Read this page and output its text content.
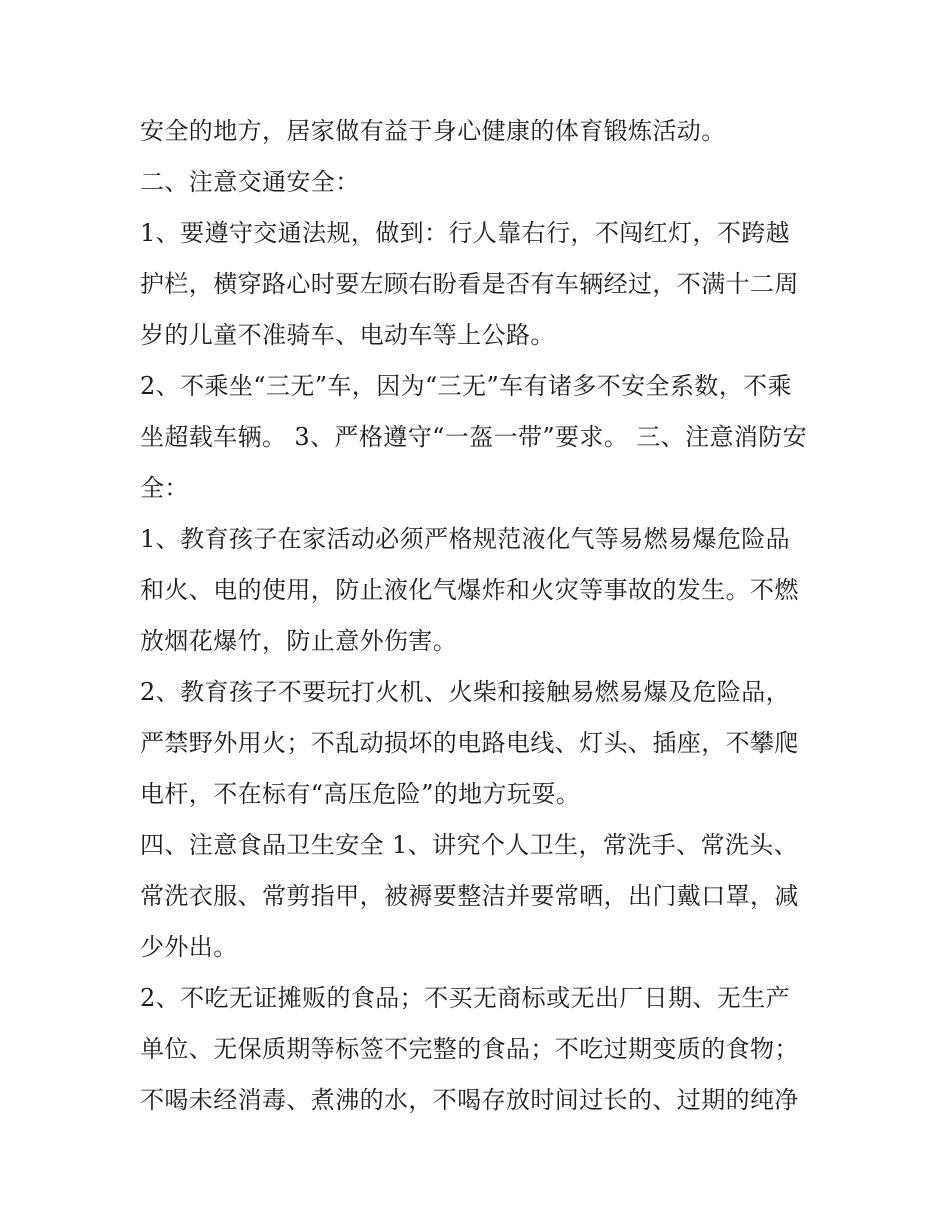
安全的地方，居家做有益于身心健康的体育锻炼活动。
二、注意交通安全：
1、要遵守交通法规，做到：行人靠右行，不闯红灯，不跨越
护栏，横穿路心时要左顾右盼看是否有车辆经过，不满十二周
岁的儿童不准骑车、电动车等上公路。
2、不乘坐“三无”车，因为“三无”车有诸多不安全系数，不乘
坐超载车辆。 3、严格遵守“一盔一带”要求。 三、注意消防安
全：
1、教育孩子在家活动必须严格规范液化气等易燃易爆危险品
和火、电的使用，防止液化气爆炸和火灾等事故的发生。不燃
放烟花爆竹，防止意外伤害。
2、教育孩子不要玩打火机、火柴和接触易燃易爆及危险品，
严禁野外用火；不乱动损坏的电路电线、灯头、插座，不攀爬
电杆，不在标有“高压危险”的地方玩耍。
四、注意食品卫生安全 1、讲究个人卫生，常洗手、常洗头、
常洗衣服、常剪指甲，被褥要整洁并要常晒，出门戴口罩，减
少外出。
2、不吃无证摊贩的食品；不买无商标或无出厂日期、无生产
单位、无保质期等标签不完整的食品；不吃过期变质的食物；
不喝未经消毒、煮沸的水，不喝存放时间过长的、过期的纯净
